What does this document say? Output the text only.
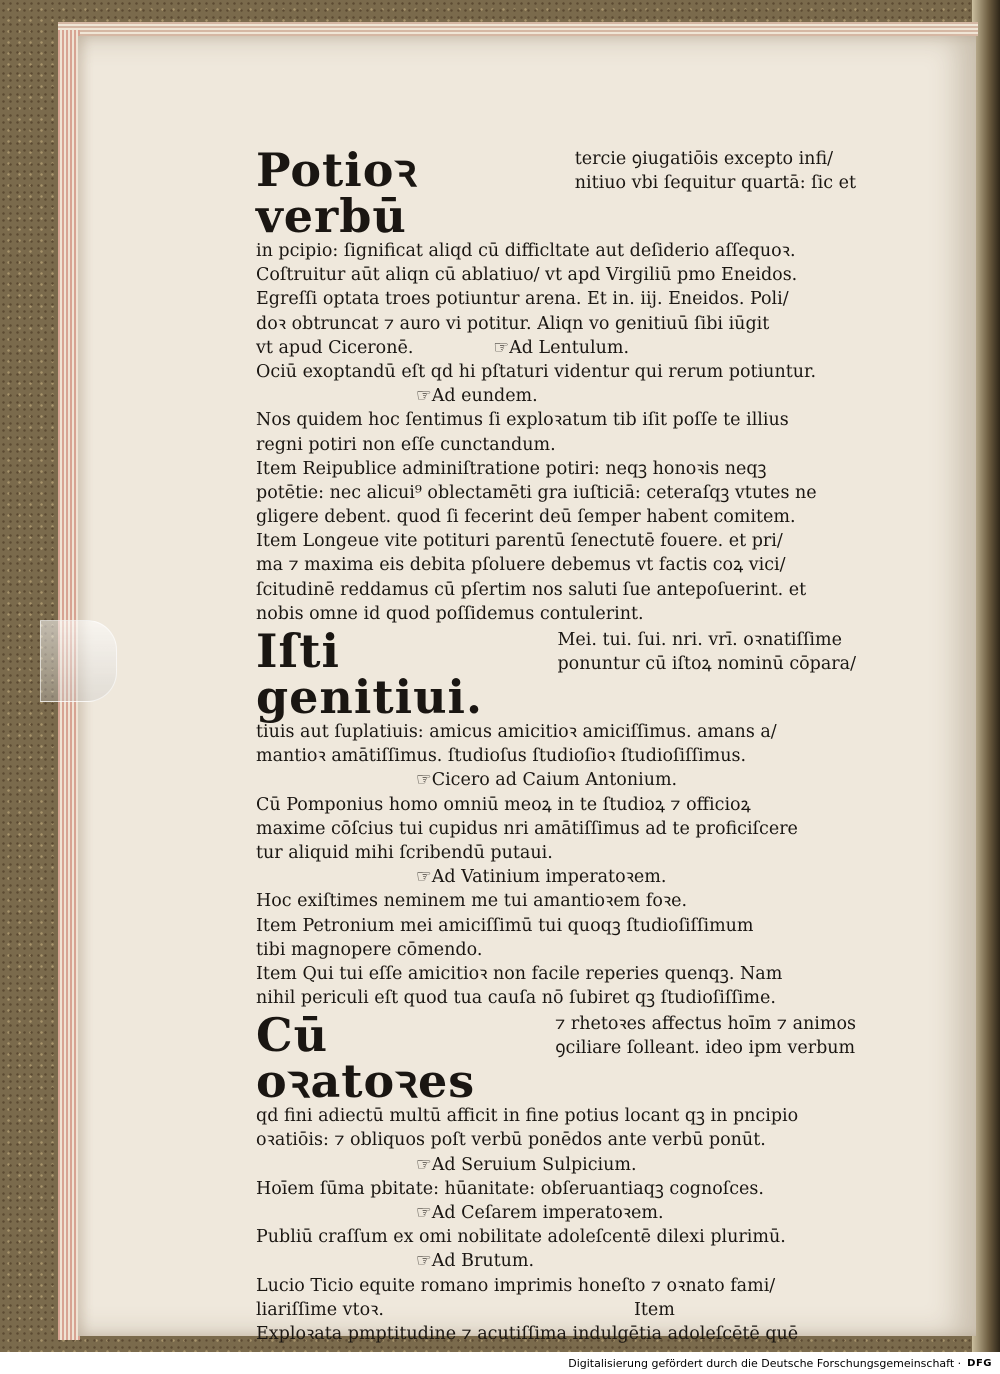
Potioꝛ verbū
tercie ꝯiugatiōis excepto infi/
nitiuo vbi ſequitur quartā: ſic et
in pcipio: ſignificat aliqd cū difficltate aut deſiderio aſſequoꝛ.
Coſtruitur aūt aliqn cū ablatiuo/ vt apd Virgiliū pmo Eneidos.
Egreſſi optata troes potiuntur arena. Et in. iij. Eneidos. Poli/
doꝛ obtruncat ⁊ auro vi potitur. Aliqn vo genitiuū ſibi iūgit
vt apud Ciceronē.	☞Ad Lentulum.
Ociū exoptandū eſt qd hi pſtaturi videntur qui rerum potiuntur.
☞Ad eundem.
Nos quidem hoc ſentimus ſi exploꝛatum tib iſit poſſe te illius
regni potiri non eſſe cunctandum.
Item Reipublice adminiſtratione potiri: neqꝫ honoꝛis neqꝫ
potētie: nec alicui⁹ oblectamēti gra iuſticiā: ceteraſqꝫ vtutes ne
gligere debent. quod ſi fecerint deū ſemper habent comitem.
Item Longeue vite potituri parentū ſenectutē fouere. et pri/
ma ⁊ maxima eis debita pſoluere debemus vt factis coꝝ vici/
ſcitudinē reddamus cū pſertim nos saluti ſue antepoſuerint. et
nobis omne id quod poſſidemus contulerint.
Iſti genitiui.
Mei. tui. ſui. nri. vrī. oꝛnatiſſime
ponuntur cū iſtoꝝ nominū cōpara/
tiuis aut ſuplatiuis: amicus amicitioꝛ amiciſſimus. amans a/
mantioꝛ amātiſſimus. ſtudioſus ſtudioſioꝛ ſtudioſiſſimus.
☞Cicero ad Caium Antonium.
Cū Pomponius homo omniū meoꝝ in te ſtudioꝝ ⁊ officioꝝ
maxime cōſcius tui cupidus nri amātiſſimus ad te proficiſcere
tur aliquid mihi ſcribendū putaui.
☞Ad Vatinium imperatoꝛem.
Hoc exiſtimes neminem me tui amantioꝛem foꝛe.
Item Petronium mei amiciſſimū tui quoqꝫ ſtudioſiſſimum
tibi magnopere cōmendo.
Item Qui tui eſſe amicitioꝛ non facile reperies quenqꝫ. Nam
nihil periculi eſt quod tua cauſa nō ſubiret qꝫ ſtudioſiſſime.
Cū oꝛatoꝛes
⁊ rhetoꝛes affectus hoīm ⁊ animos
ꝯciliare ſolleant. ideo ipm verbum
qd fini adiectū multū afficit in fine potius locant qꝫ in pncipio
oꝛatiōis: ⁊ obliquos poſt verbū ponēdos ante verbū ponūt.
☞Ad Seruium Sulpicium.
Hoīem ſūma pbitate: hūanitate: obſeruantiaqꝫ cognoſces.
☞Ad Ceſarem imperatoꝛem.
Publiū craſſum ex omi nobilitate adoleſcentē dilexi plurimū.
☞Ad Brutum.
Lucio Ticio equite romano imprimis honeſto ⁊ oꝛnato fami/
liariſſime vtoꝛ.	Item
Exploꝛata pmptitudine ⁊ acutiſſima indulgētia adoleſcētē quē
Digitalisierung gefördert durch die Deutsche Forschungsgemeinschaft · DFG
